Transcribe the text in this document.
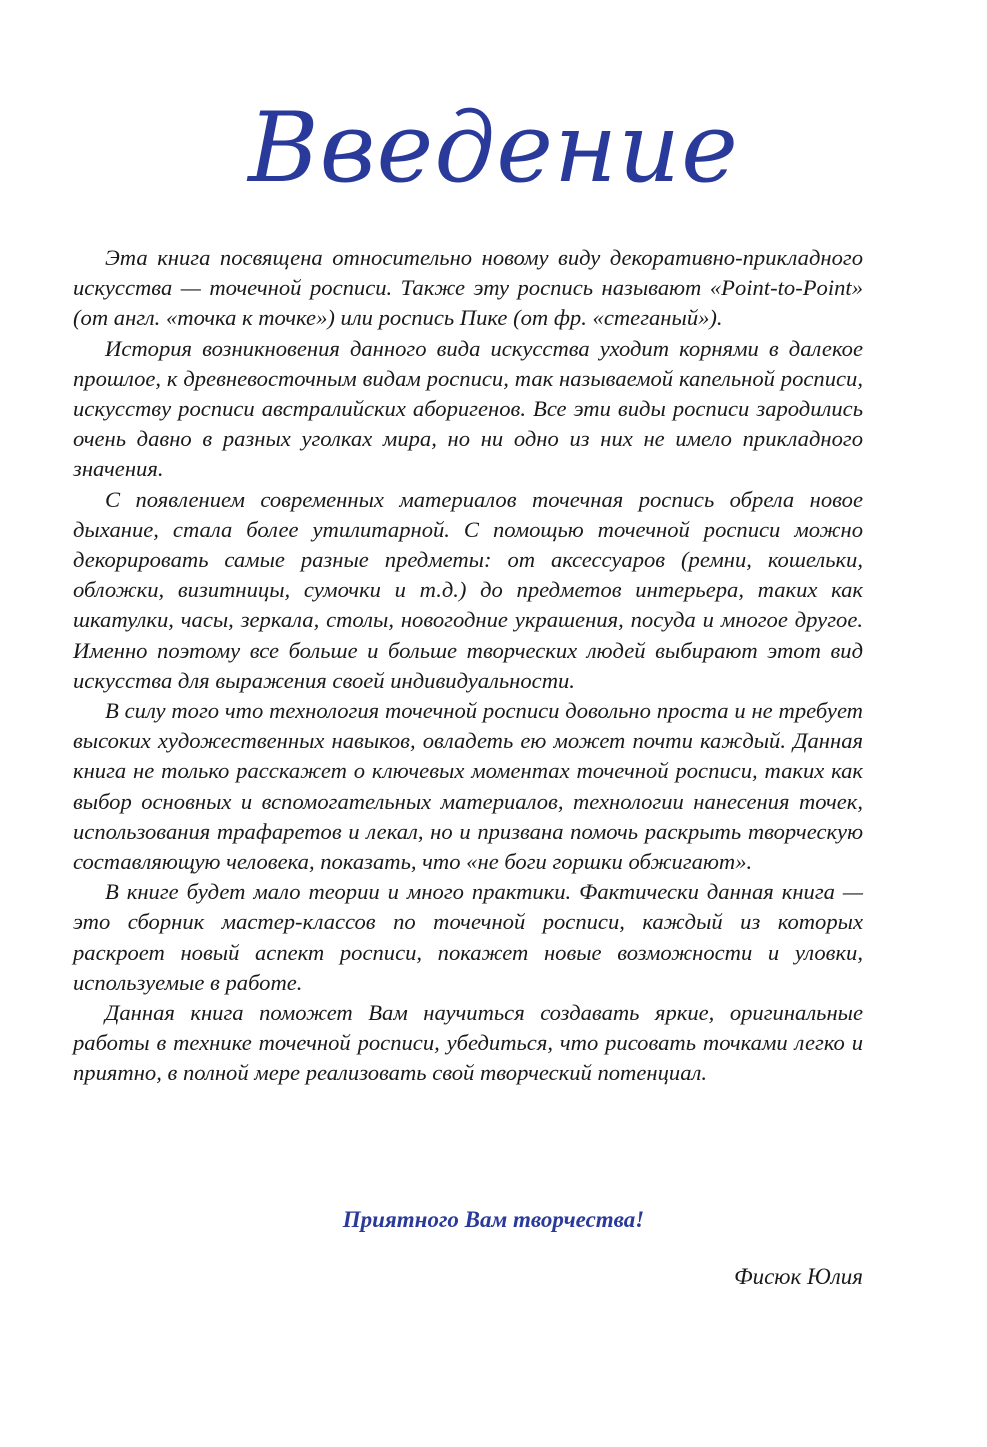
Введение

Эта книга посвящена относительно новому виду декоративно-прикладного искусства — точечной росписи. Также эту роспись называют «Point-to-Point» (от англ. «точка к точке») или роспись Пике (от фр. «стеганый»).

История возникновения данного вида искусства уходит корнями в далекое прошлое, к древневосточным видам росписи, так называемой капельной росписи, искусству росписи австралийских аборигенов. Все эти виды росписи зародились очень давно в разных уголках мира, но ни одно из них не имело прикладного значения.

С появлением современных материалов точечная роспись обрела новое дыхание, стала более утилитарной. С помощью точечной росписи можно декорировать самые разные предметы: от аксессуаров (ремни, кошельки, обложки, визитницы, сумочки и т.д.) до предметов интерьера, таких как шкатулки, часы, зеркала, столы, новогодние украшения, посуда и многое другое. Именно поэтому все больше и больше творческих людей выбирают этот вид искусства для выражения своей индивидуальности.

В силу того что технология точечной росписи довольно проста и не требует высоких художественных навыков, овладеть ею может почти каждый. Данная книга не только расскажет о ключевых моментах точечной росписи, таких как выбор основных и вспомогательных материалов, технологии нанесения точек, использования трафаретов и лекал, но и призвана помочь раскрыть творческую составляющую человека, показать, что «не боги горшки обжигают».

В книге будет мало теории и много практики. Фактически данная книга — это сборник мастер-классов по точечной росписи, каждый из которых раскроет новый аспект росписи, покажет новые возможности и уловки, используемые в работе.

Данная книга поможет Вам научиться создавать яркие, оригинальные работы в технике точечной росписи, убедиться, что рисовать точками легко и приятно, в полной мере реализовать свой творческий потенциал.

Приятного Вам творчества!
Фисюк Юлия
